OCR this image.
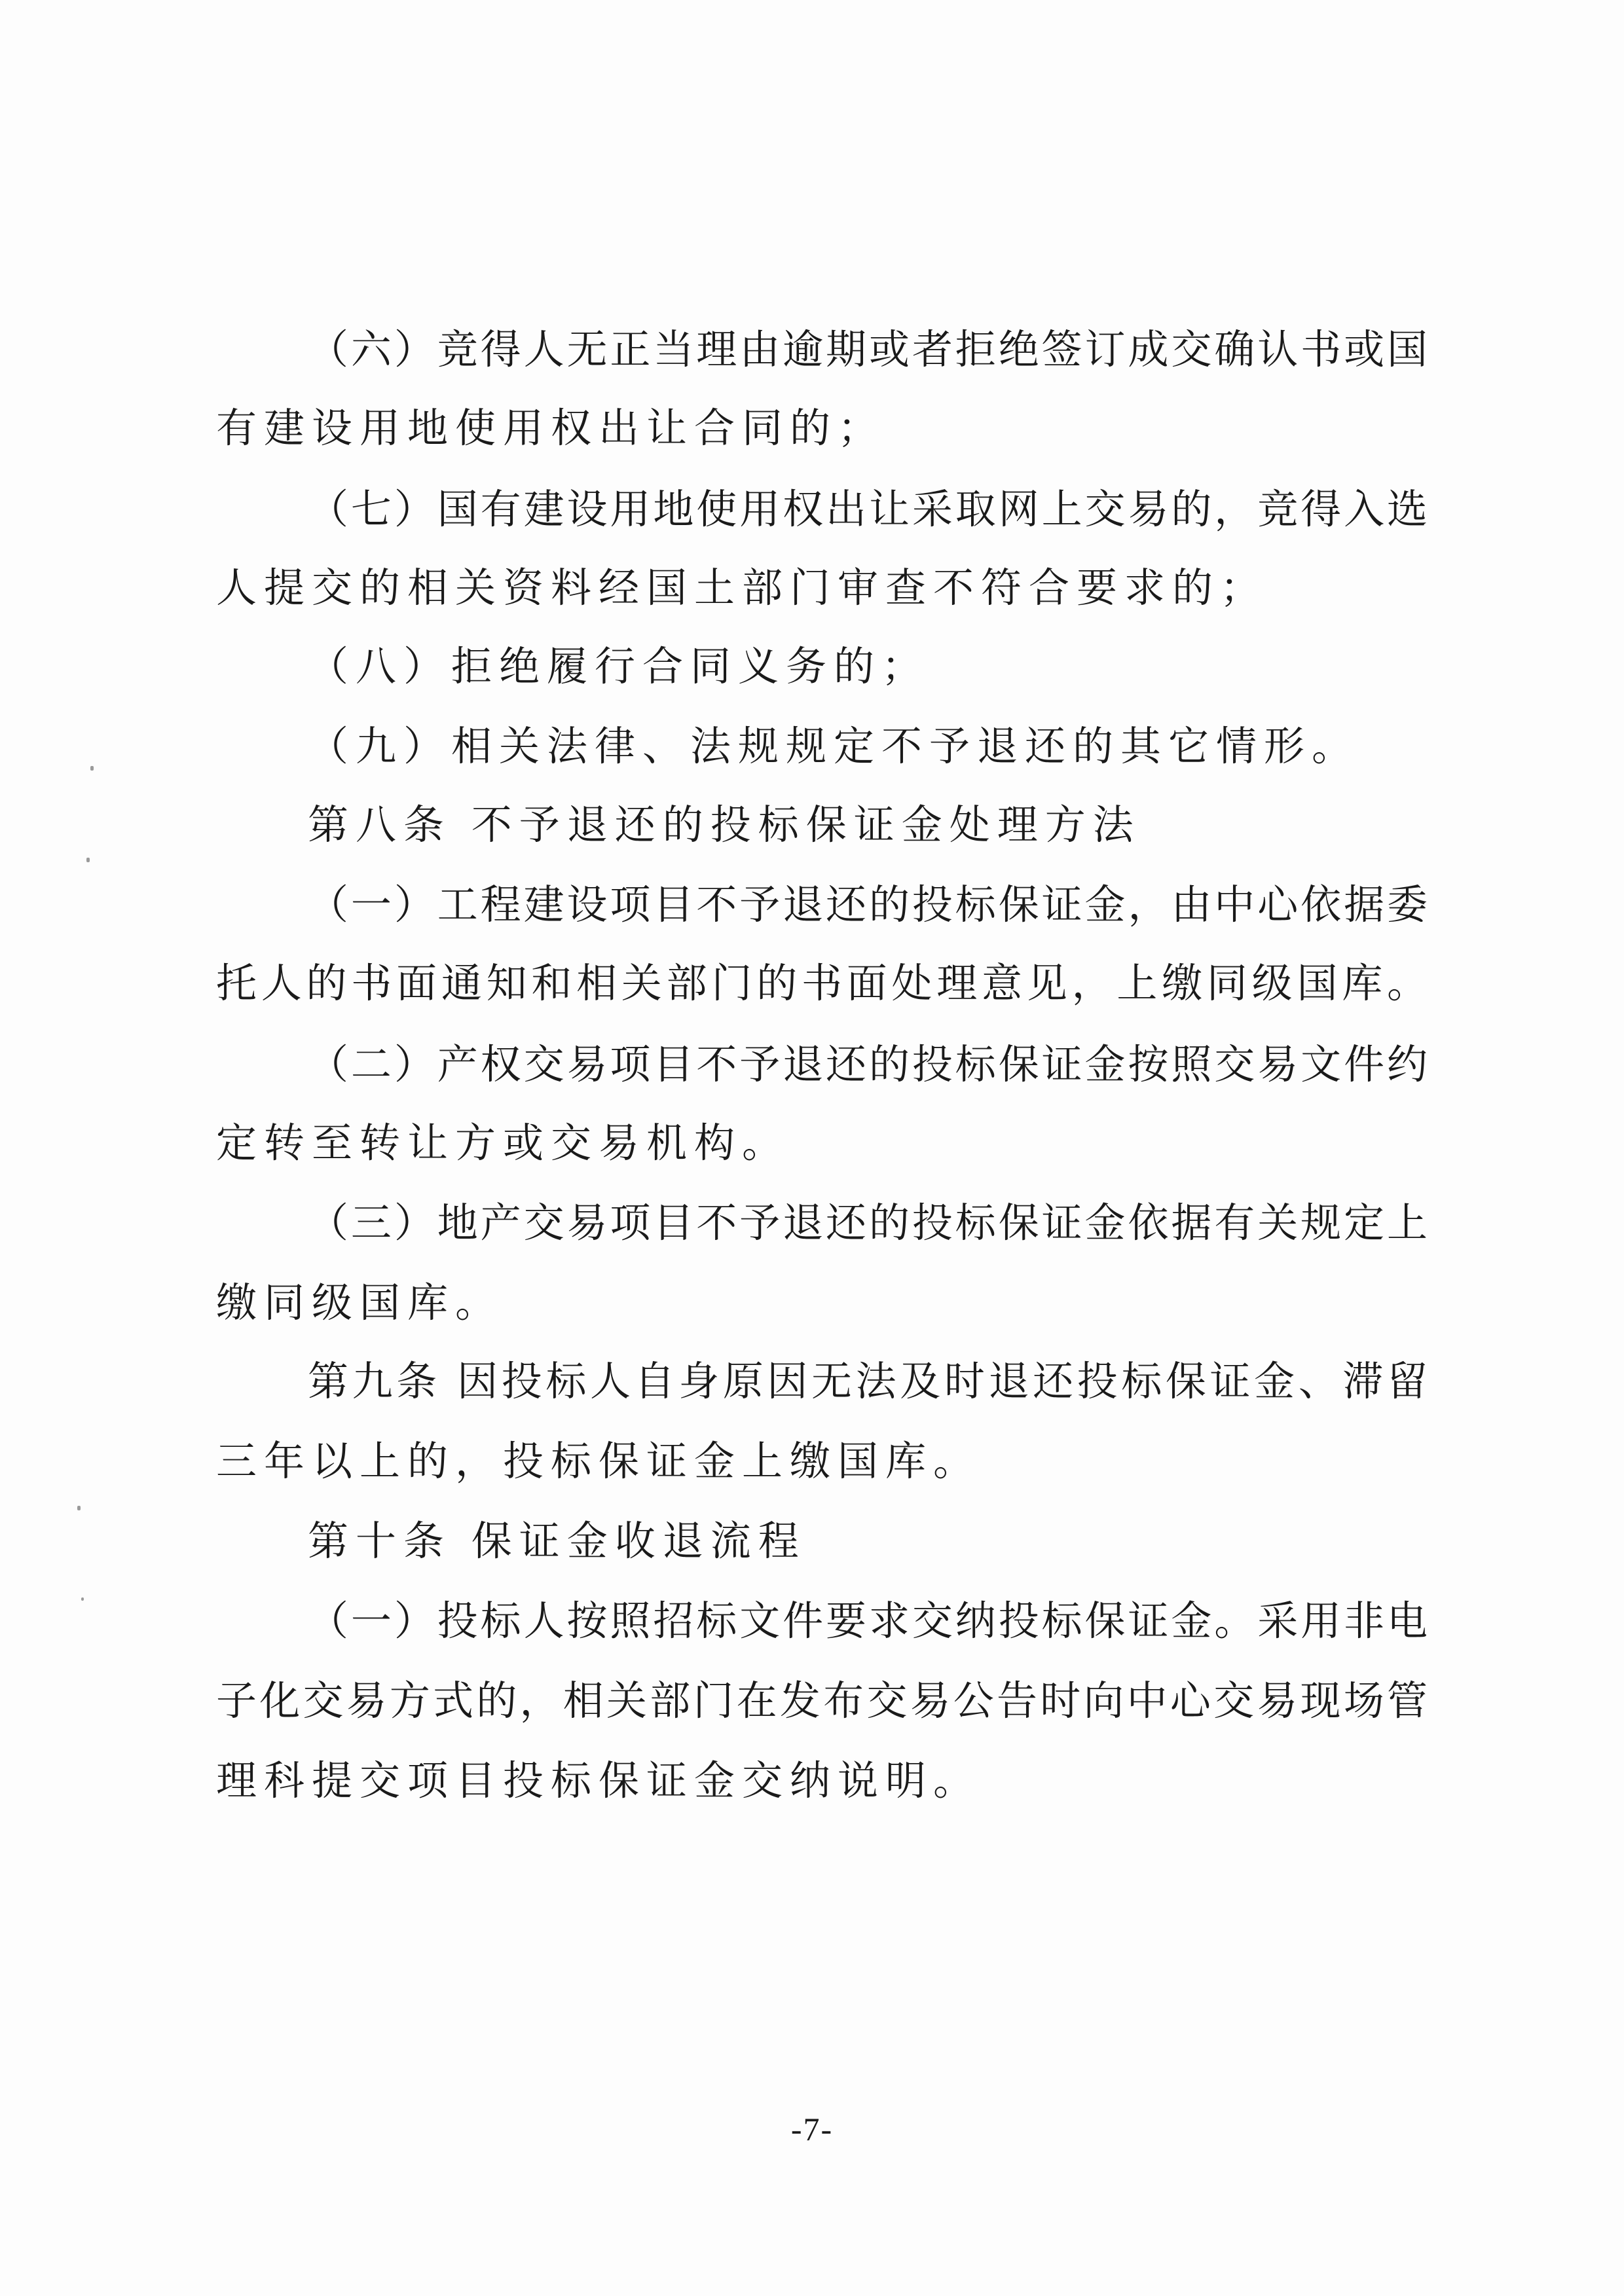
（六）竞得人无正当理由逾期或者拒绝签订成交确认书或国
有建设用地使用权出让合同的；
（七）国有建设用地使用权出让采取网上交易的，竞得入选
人提交的相关资料经国土部门审查不符合要求的；
（八）拒绝履行合同义务的；
（九）相关法律、法规规定不予退还的其它情形。
第八条 不予退还的投标保证金处理方法
（一）工程建设项目不予退还的投标保证金，由中心依据委
托人的书面通知和相关部门的书面处理意见，上缴同级国库。
（二）产权交易项目不予退还的投标保证金按照交易文件约
定转至转让方或交易机构。
（三）地产交易项目不予退还的投标保证金依据有关规定上
缴同级国库。
第九条 因投标人自身原因无法及时退还投标保证金、滞留
三年以上的，投标保证金上缴国库。
第十条 保证金收退流程
（一）投标人按照招标文件要求交纳投标保证金。采用非电
子化交易方式的，相关部门在发布交易公告时向中心交易现场管
理科提交项目投标保证金交纳说明。
-7-
